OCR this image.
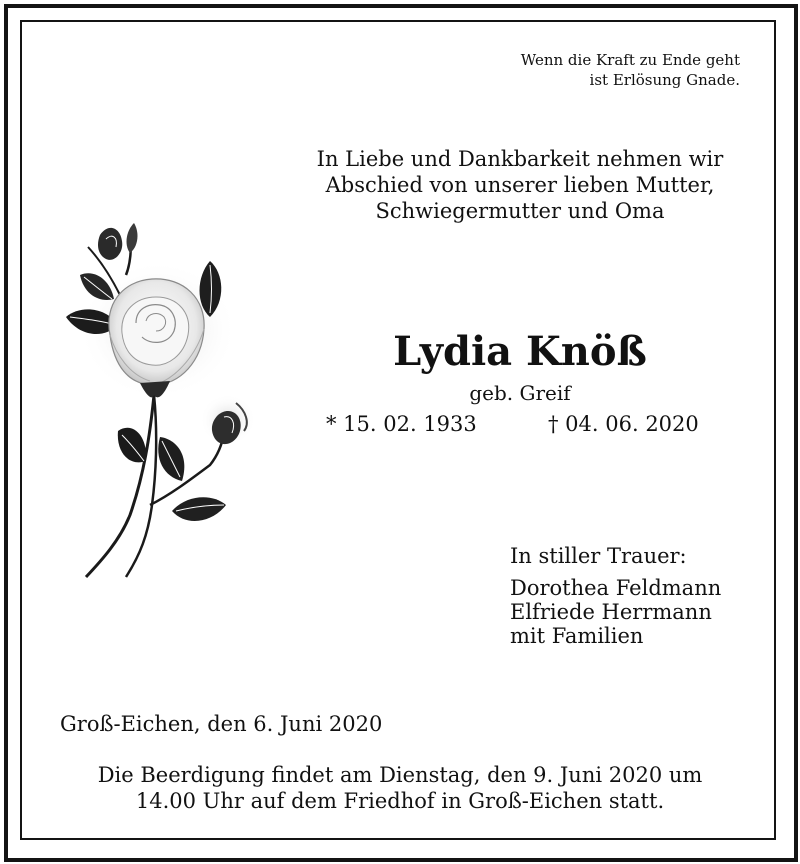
Wenn die Kraft zu Ende geht
ist Erlösung Gnade.
In Liebe und Dankbarkeit nehmen wir
Abschied von unserer lieben Mutter,
Schwiegermutter und Oma
Lydia Knöß
geb. Greif
* 15. 02. 1933	† 04. 06. 2020
In stiller Trauer:
Dorothea Feldmann
Elfriede Herrmann
mit Familien
Groß-Eichen, den 6. Juni 2020
Die Beerdigung findet am Dienstag, den 9. Juni 2020 um
14.00 Uhr auf dem Friedhof in Groß-Eichen statt.
